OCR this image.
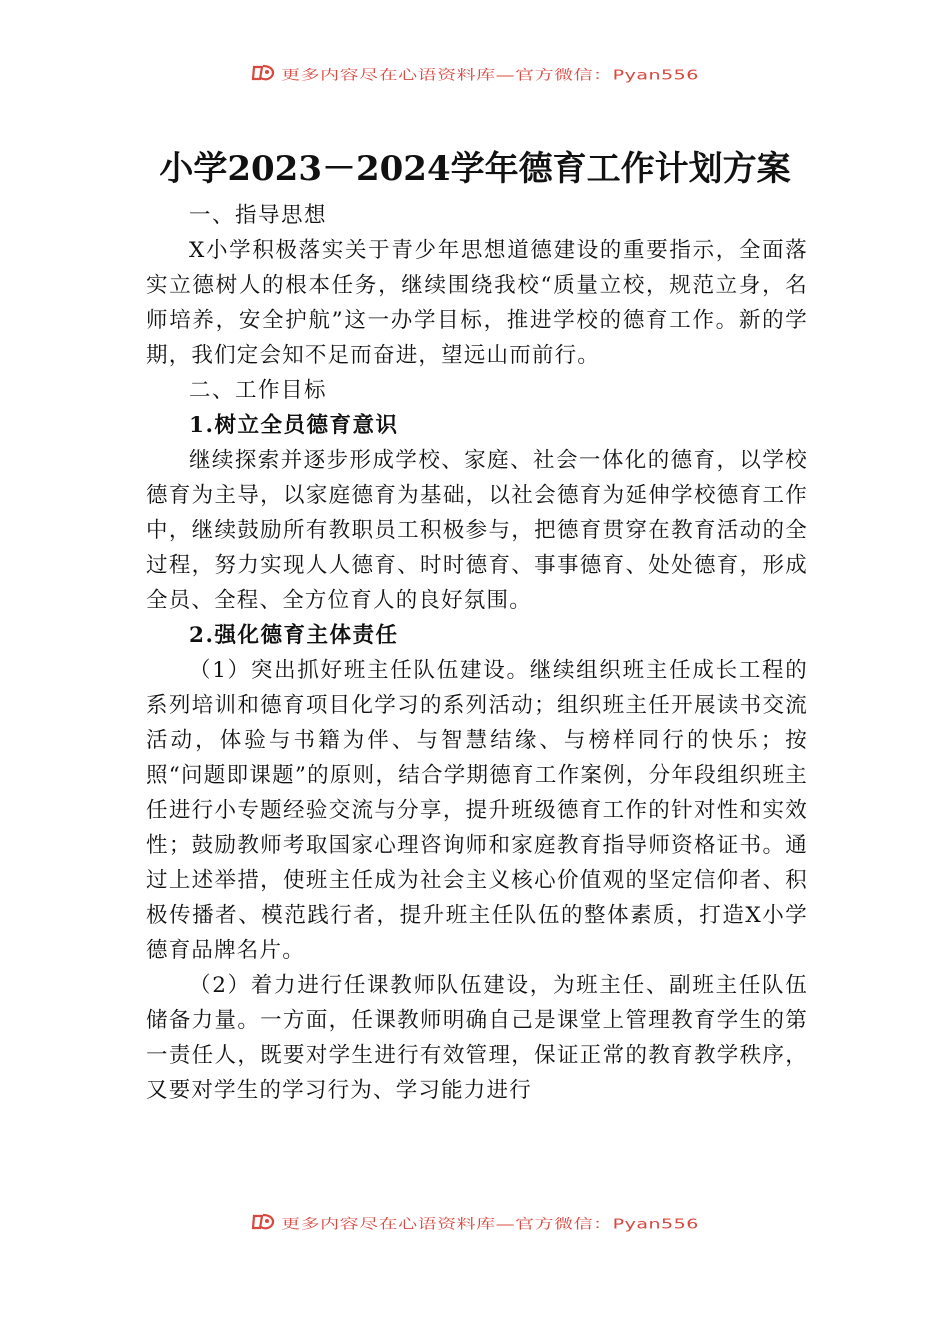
更多内容尽在心语资料库—官方微信：Pyan556
小学2023－2024学年德育工作计划方案
一、指导思想

X小学积极落实关于青少年思想道德建设的重要指示，全面落实立德树人的根本任务，继续围绕我校“质量立校，规范立身，名师培养，安全护航”这一办学目标，推进学校的德育工作。新的学期，我们定会知不足而奋进，望远山而前行。

二、工作目标
1.树立全员德育意识

继续探索并逐步形成学校、家庭、社会一体化的德育，以学校德育为主导，以家庭德育为基础，以社会德育为延伸学校德育工作中，继续鼓励所有教职员工积极参与，把德育贯穿在教育活动的全过程，努力实现人人德育、时时德育、事事德育、处处德育，形成全员、全程、全方位育人的良好氛围。

2.强化德育主体责任

（1）突出抓好班主任队伍建设。继续组织班主任成长工程的系列培训和德育项目化学习的系列活动；组织班主任开展读书交流活动，体验与书籍为伴、与智慧结缘、与榜样同行的快乐；按照“问题即课题”的原则，结合学期德育工作案例，分年段组织班主任进行小专题经验交流与分享，提升班级德育工作的针对性和实效性；鼓励教师考取国家心理咨询师和家庭教育指导师资格证书。通过上述举措，使班主任成为社会主义核心价值观的坚定信仰者、积极传播者、模范践行者，提升班主任队伍的整体素质，打造X小学德育品牌名片。

（2）着力进行任课教师队伍建设，为班主任、副班主任队伍储备力量。一方面，任课教师明确自己是课堂上管理教育学生的第一责任人，既要对学生进行有效管理，保证正常的教育教学秩序，又要对学生的学习行为、学习能力进行

更多内容尽在心语资料库—官方微信：Pyan556
